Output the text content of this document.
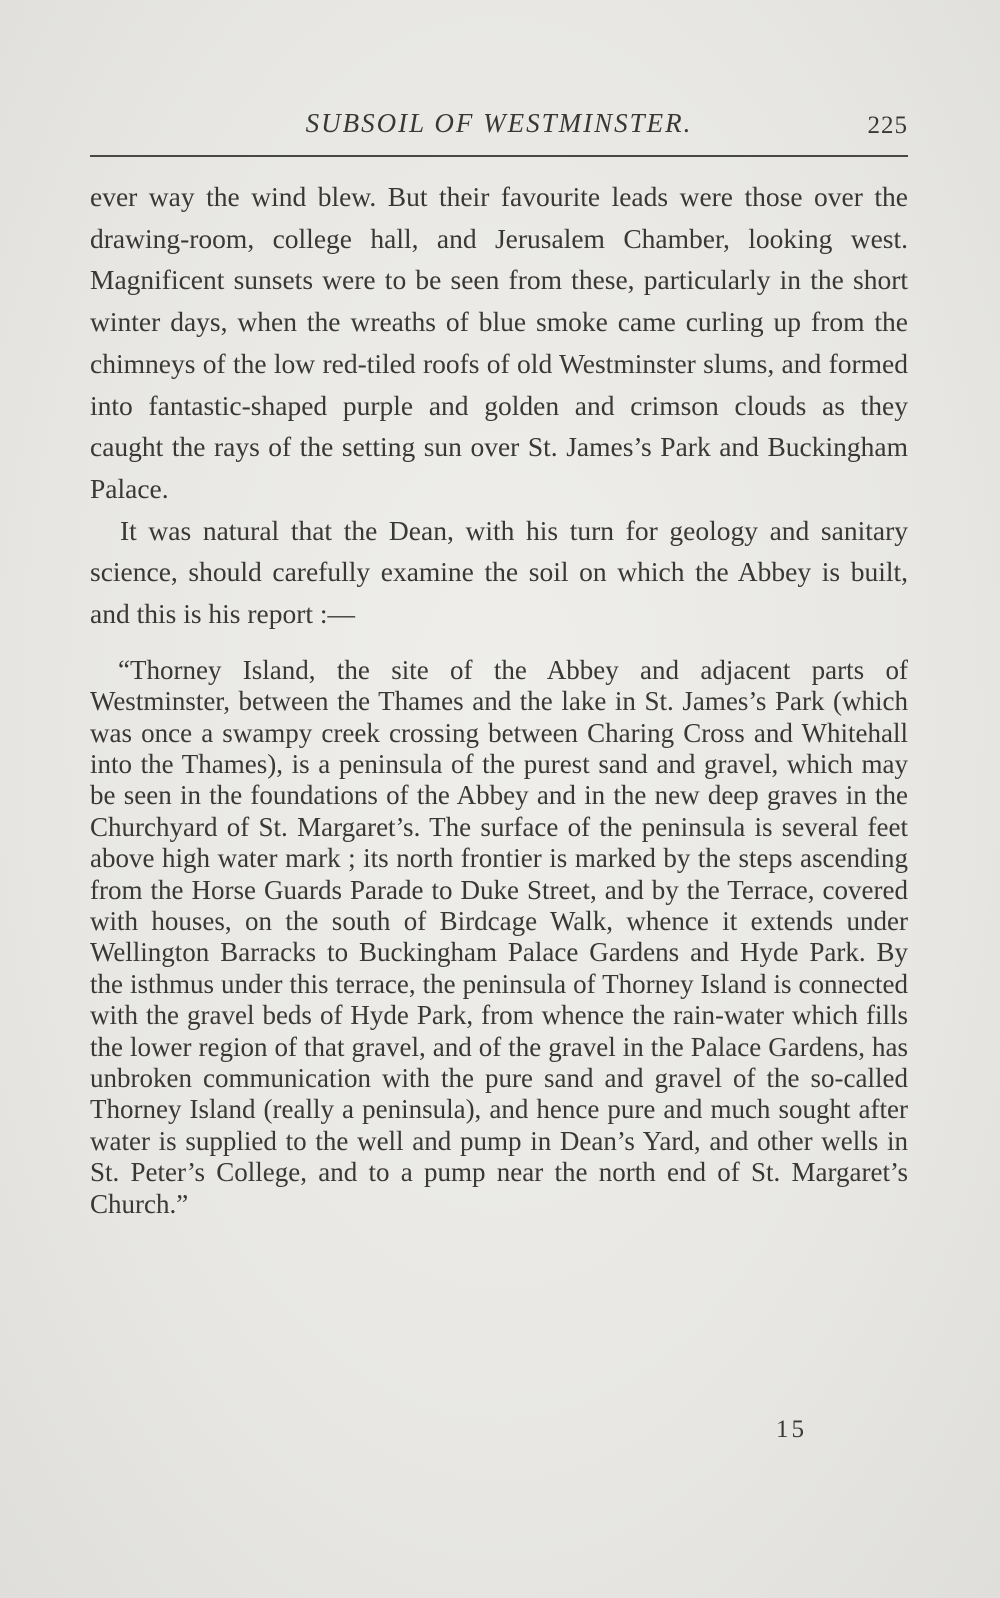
SUBSOIL OF WESTMINSTER.	225

ever way the wind blew. But their favourite leads were those over the drawing-room, college hall, and Jerusalem Chamber, looking west. Magnificent sunsets were to be seen from these, particularly in the short winter days, when the wreaths of blue smoke came curling up from the chimneys of the low red-tiled roofs of old Westminster slums, and formed into fantastic-shaped purple and golden and crimson clouds as they caught the rays of the setting sun over St. James’s Park and Buckingham Palace.

It was natural that the Dean, with his turn for geology and sanitary science, should carefully examine the soil on which the Abbey is built, and this is his report :—

“Thorney Island, the site of the Abbey and adjacent parts of Westminster, between the Thames and the lake in St. James’s Park (which was once a swampy creek crossing between Charing Cross and Whitehall into the Thames), is a peninsula of the purest sand and gravel, which may be seen in the foundations of the Abbey and in the new deep graves in the Churchyard of St. Margaret’s. The surface of the peninsula is several feet above high water mark ; its north frontier is marked by the steps ascending from the Horse Guards Parade to Duke Street, and by the Terrace, covered with houses, on the south of Birdcage Walk, whence it extends under Wellington Barracks to Buckingham Palace Gardens and Hyde Park. By the isthmus under this terrace, the peninsula of Thorney Island is connected with the gravel beds of Hyde Park, from whence the rain-water which fills the lower region of that gravel, and of the gravel in the Palace Gardens, has unbroken communication with the pure sand and gravel of the so-called Thorney Island (really a peninsula), and hence pure and much sought after water is supplied to the well and pump in Dean’s Yard, and other wells in St. Peter’s College, and to a pump near the north end of St. Margaret’s Church.”

15
